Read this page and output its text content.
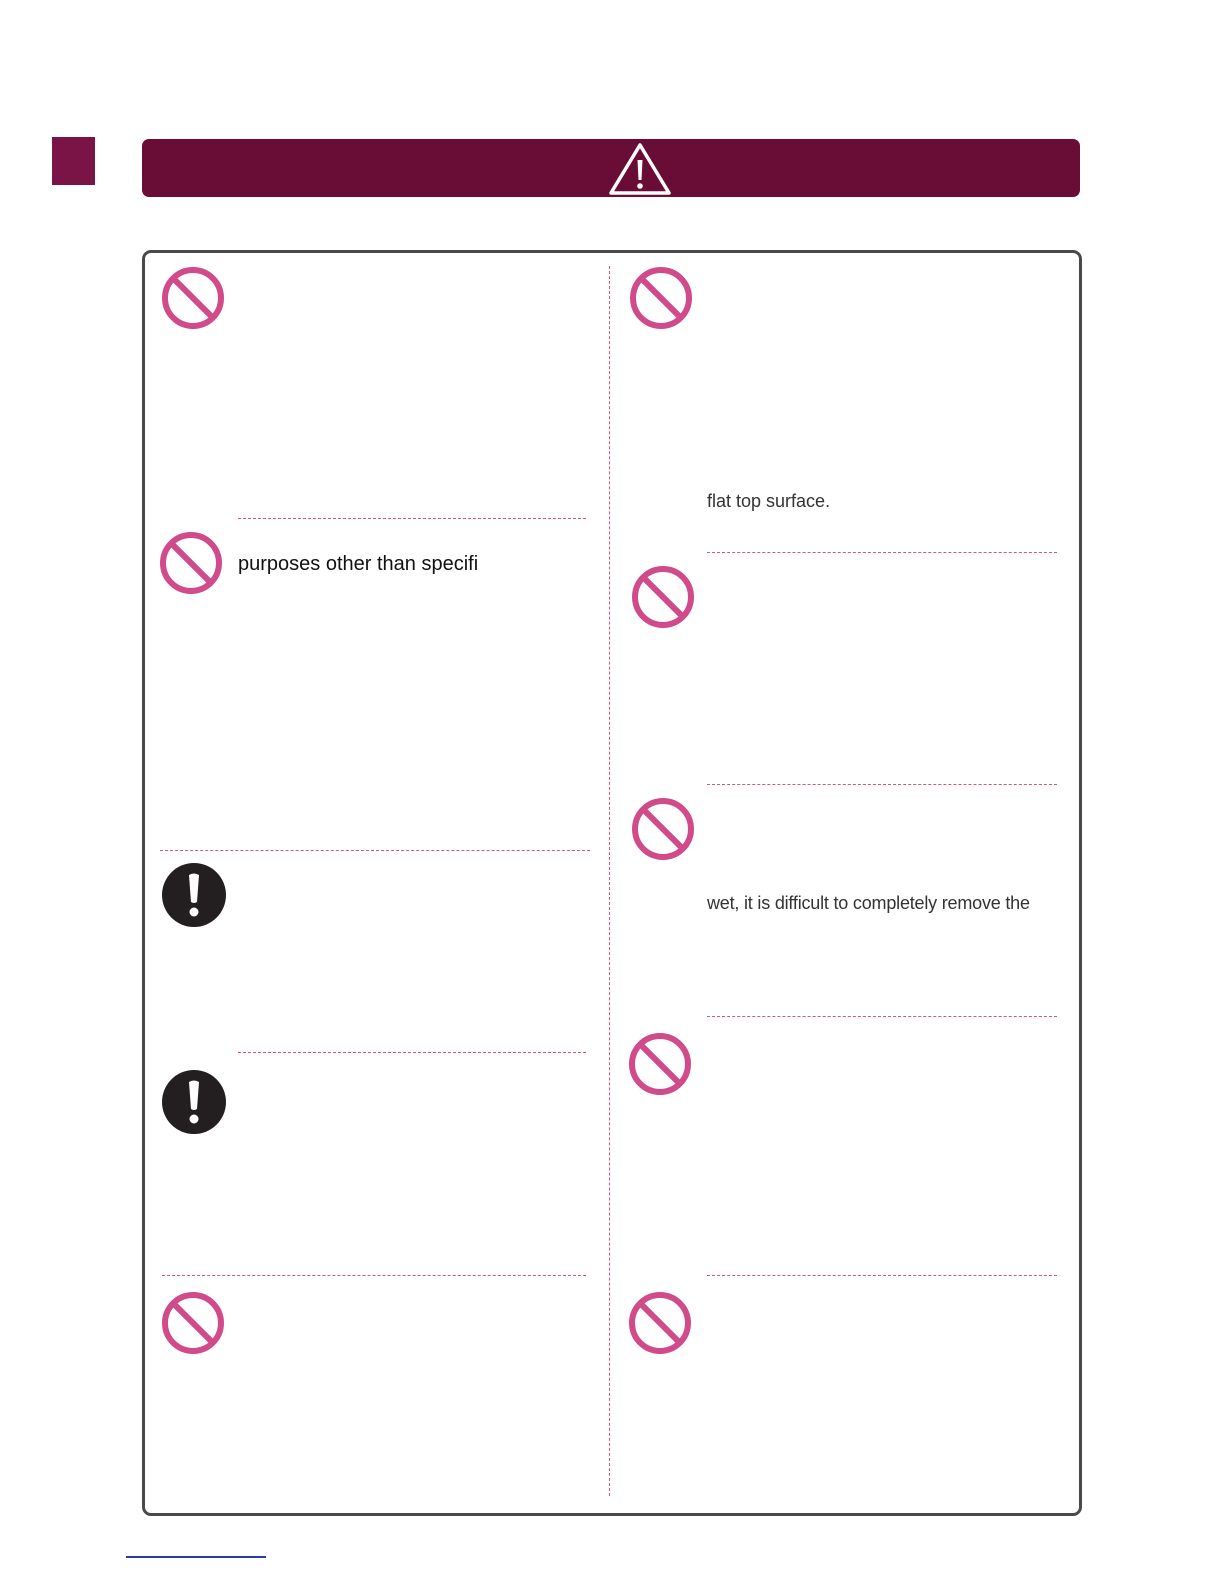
purposes other than specifi
flat top surface.
wet, it is difficult to completely remove the
